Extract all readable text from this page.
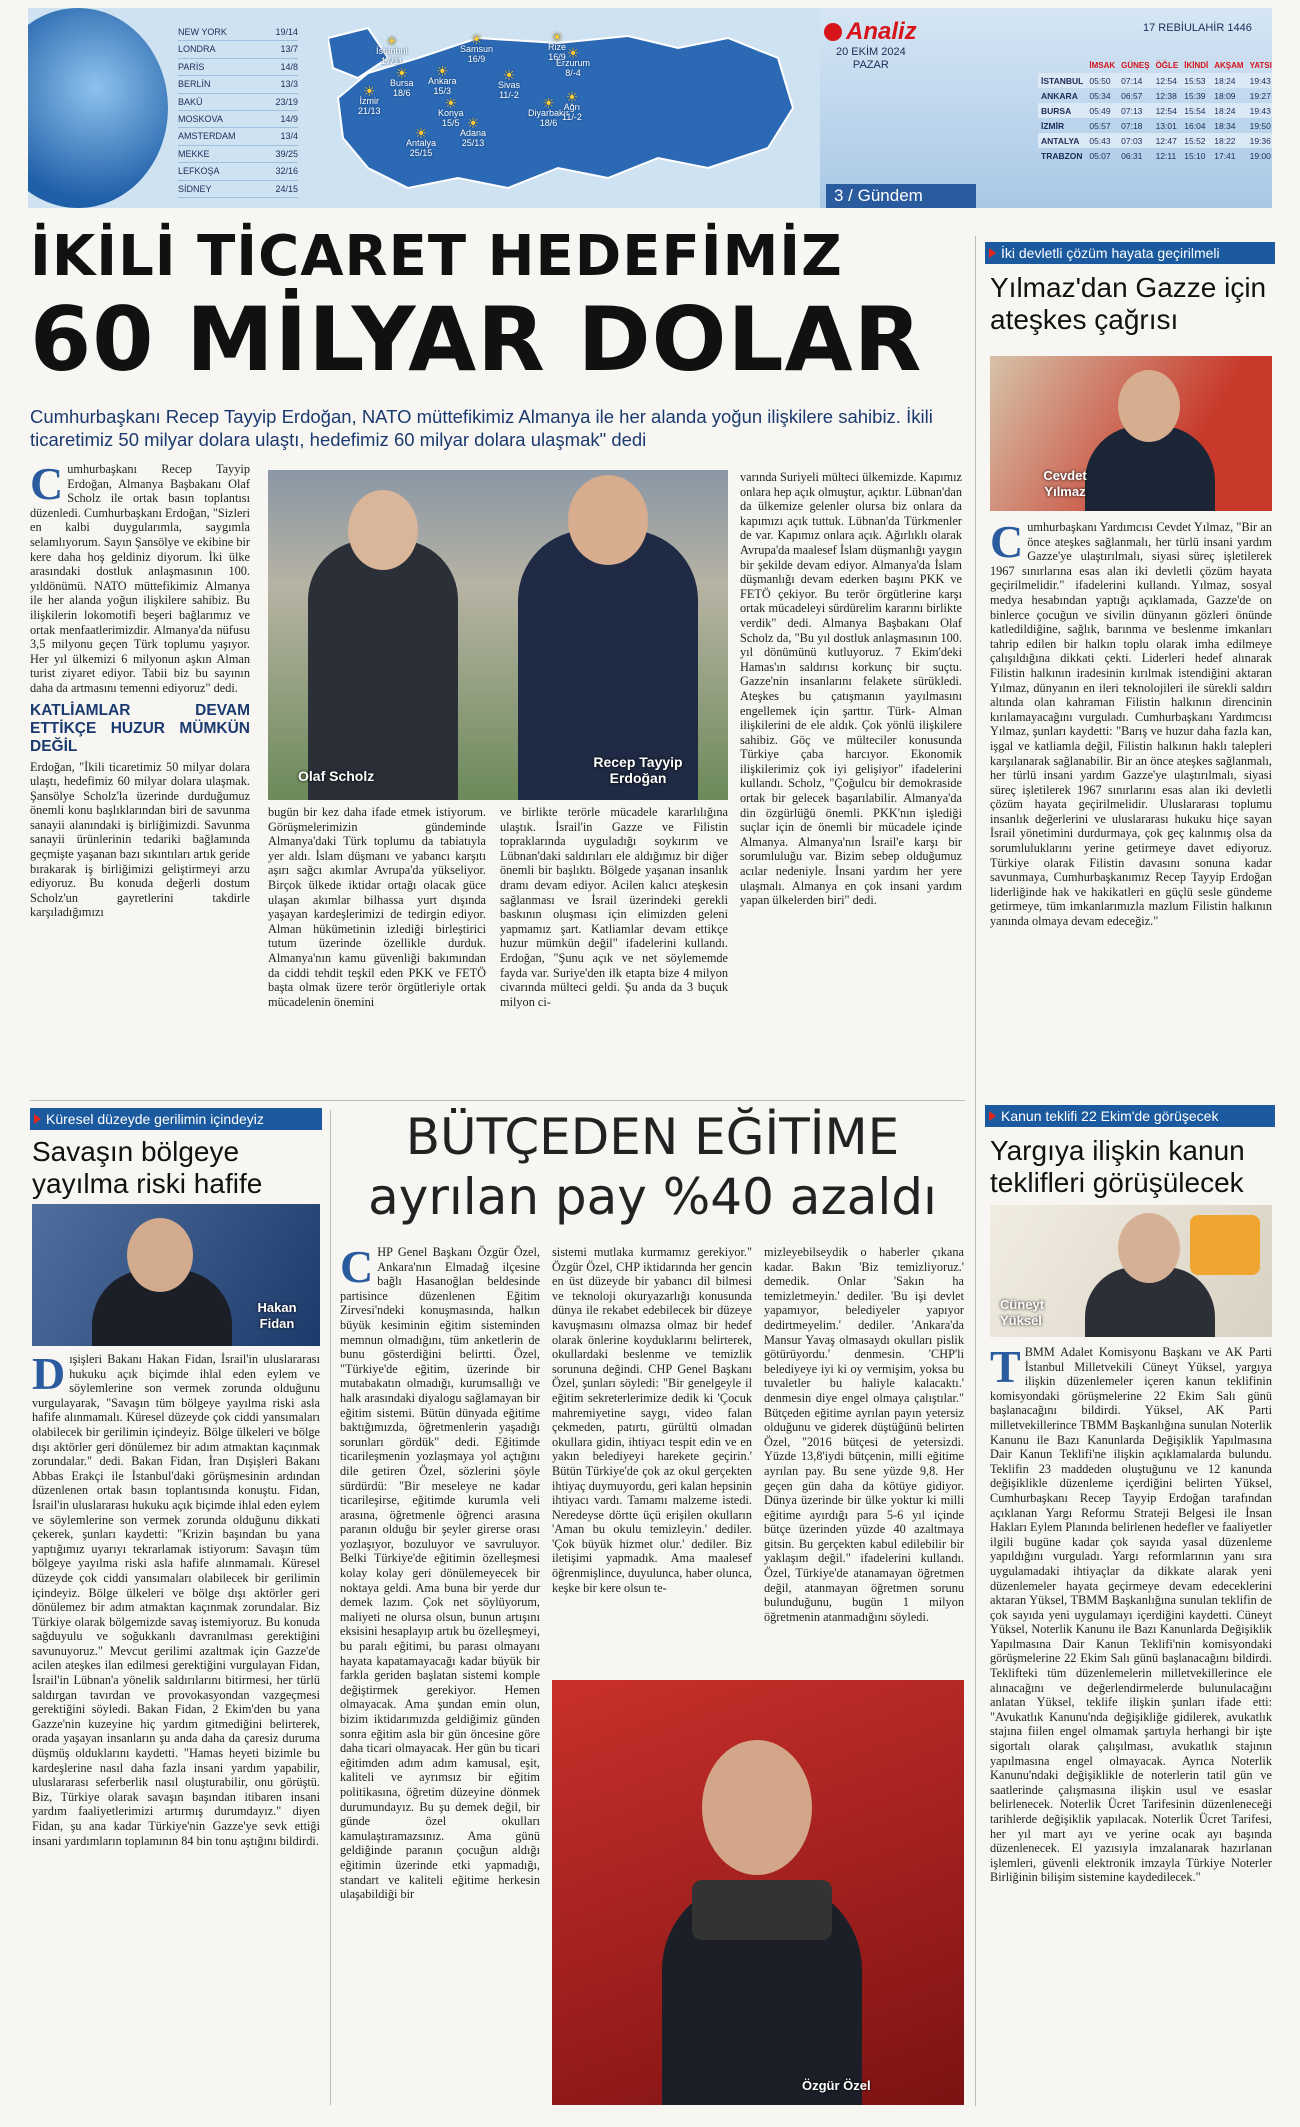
NEW YORK	19/14
LONDRA	13/7
PARİS	14/8
BERLİN	13/3
BAKÜ	23/19
MOSKOVA	14/9
AMSTERDAM	13/4
MEKKE	39/25
LEFKOŞA	32/16
SİDNEY	24/15
☀
İstanbul
17/11
☀
Samsun
16/9
☀
Rize
16/9
☀
Bursa
18/6
☀
Ankara
15/3
☀
Sivas
11/-2
☀
Erzurum
8/-4
☀
İzmir
21/13	☀
Konya
15/5
☀
Diyarbakır
18/6
☀
Ağrı
11/-2
☀
Antalya
25/15
☀
Adana
25/13
Analiz
20 EKİM 2024
PAZAR
3 / Gündem
17 REBİULAHİR 1446
	İMSAK	GÜNEŞ	ÖĞLE	İKİNDİ	AKŞAM	YATSI
İSTANBUL	05:50	07:14	12:54	15:53	18:24	19:43
ANKARA	05:34	06:57	12:38	15:39	18:09	19:27
BURSA	05:49	07:13	12:54	15:54	18:24	19:43
İZMİR	05:57	07:18	13:01	16:04	18:34	19:50
ANTALYA	05:43	07:03	12:47	15:52	18:22	19:36
TRABZON	05:07	06:31	12:11	15:10	17:41	19:00
İKİLİ TİCARET HEDEFİMİZ
60 MİLYAR DOLAR
Cumhurbaşkanı Recep Tayyip Erdoğan, NATO müttefikimiz Almanya ile her alanda yoğun ilişkilere sahibiz. İkili ticaretimiz 50 milyar dolara ulaştı, hedefimiz 60 milyar dolara ulaşmak" dedi
C umhurbaşkanı Recep Tayyip Erdoğan, Almanya Başbakanı Olaf Scholz ile ortak basın toplantısı düzenledi. Cumhurbaşkanı Erdoğan, "Sizleri en kalbi duygularımla, saygımla selamlıyorum. Sayın Şansölye ve ekibine bir kere daha hoş geldiniz diyorum. İki ülke arasındaki dostluk anlaşmasının 100. yıldönümü. NATO müttefikimiz Almanya ile her alanda yoğun ilişkilere sahibiz. Bu ilişkilerin lokomotifi beşeri bağlarımız ve ortak menfaatlerimizdir. Almanya'da nüfusu 3,5 milyonu geçen Türk toplumu yaşıyor. Her yıl ülkemizi 6 milyonun aşkın Alman turist ziyaret ediyor. Tabii biz bu sayının daha da artmasını temenni ediyoruz" dedi.

KATLİAMLAR DEVAM ETTİKÇE HUZUR MÜMKÜN DEĞİL

Erdoğan, "İkili ticaretimiz 50 milyar dolara ulaştı, hedefimiz 60 milyar dolara ulaşmak. Şansölye Scholz'la üzerinde durduğumuz önemli konu başlıklarından biri de savunma sanayii alanındaki iş birliğimizdi. Savunma sanayii ürünlerinin tedariki bağlamında geçmişte yaşanan bazı sıkıntıları artık geride bırakarak iş birliğimizi geliştirmeyi arzu ediyoruz. Bu konuda değerli dostum Scholz'un gayretlerini takdirle karşıladığımızı

Olaf Scholz
Recep Tayyip Erdoğan
bugün bir kez daha ifade etmek istiyorum. Görüşmelerimizin gündeminde Almanya'daki Türk toplumu da tabiatıyla yer aldı. İslam düşmanı ve yabancı karşıtı aşırı sağcı akımlar Avrupa'da yükseliyor. Birçok ülkede iktidar ortağı olacak güce ulaşan akımlar bilhassa yurt dışında yaşayan kardeşlerimizi de tedirgin ediyor. Alman hükümetinin izlediği birleştirici tutum üzerinde özellikle durduk. Almanya'nın kamu güvenliği bakımından da ciddi tehdit teşkil eden PKK ve FETÖ başta olmak üzere terör örgütleriyle ortak mücadelenin önemini
ve birlikte terörle mücadele kararlılığına ulaştık. İsrail'in Gazze ve Filistin topraklarında uyguladığı soykırım ve Lübnan'daki saldırıları ele aldığımız bir diğer önemli bir başlıktı. Bölgede yaşanan insanlık dramı devam ediyor. Acilen kalıcı ateşkesin sağlanması ve İsrail üzerindeki gerekli baskının oluşması için elimizden geleni yapmamız şart. Katliamlar devam ettikçe huzur mümkün değil" ifadelerini kullandı. Erdoğan, "Şunu açık ve net söylememde fayda var. Suriye'den ilk etapta bize 4 milyon civarında mülteci geldi. Şu anda da 3 buçuk milyon ci-
varında Suriyeli mülteci ülkemizde. Kapımız onlara hep açık olmuştur, açıktır. Lübnan'dan da ülkemize gelenler olursa biz onlara da kapımızı açık tuttuk. Lübnan'da Türkmenler de var. Kapımız onlara açık. Ağırlıklı olarak Avrupa'da maalesef İslam düşmanlığı yaygın bir şekilde devam ediyor. Almanya'da İslam düşmanlığı devam ederken başını PKK ve FETÖ çekiyor. Bu terör örgütlerine karşı ortak mücadeleyi sürdürelim kararını birlikte verdik" dedi. Almanya Başbakanı Olaf Scholz da, "Bu yıl dostluk anlaşmasının 100. yıl dönümünü kutluyoruz. 7 Ekim'deki Hamas'ın saldırısı korkunç bir suçtu. Gazze'nin insanlarını felakete sürükledi. Ateşkes bu çatışmanın yayılmasını engellemek için şarttır. Türk- Alman ilişkilerini de ele aldık. Çok yönlü ilişkilere sahibiz. Göç ve mülteciler konusunda Türkiye çaba harcıyor. Ekonomik ilişkilerimiz çok iyi gelişiyor" ifadelerini kullandı. Scholz, "Çoğulcu bir demokraside ortak bir gelecek başarılabilir. Almanya'da din özgürlüğü önemli. PKK'nın işlediği suçlar için de önemli bir mücadele içinde Almanya. Almanya'nın İsrail'e karşı bir sorumluluğu var. Bizim sebep olduğumuz acılar nedeniyle. İnsani yardım her yere ulaşmalı. Almanya en çok insani yardım yapan ülkelerden biri" dedi.
İki devletli çözüm hayata geçirilmeli
Yılmaz'dan Gazze için ateşkes çağrısı
Cevdet Yılmaz
Cumhurbaşkanı Yardımcısı Cevdet Yılmaz, "Bir an önce ateşkes sağlanmalı, her türlü insani yardım Gazze'ye ulaştırılmalı, siyasi süreç işletilerek 1967 sınırlarına esas alan iki devletli çözüm hayata geçirilmelidir." ifadelerini kullandı. Yılmaz, sosyal medya hesabından yaptığı açıklamada, Gazze'de on binlerce çocuğun ve sivilin dünyanın gözleri önünde katledildiğine, sağlık, barınma ve beslenme imkanları tahrip edilen bir halkın toplu olarak imha edilmeye çalışıldığına dikkati çekti. Liderleri hedef alınarak Filistin halkının iradesinin kırılmak istendiğini aktaran Yılmaz, dünyanın en ileri teknolojileri ile sürekli saldırı altında olan kahraman Filistin halkının direncinin kırılamayacağını vurguladı. Cumhurbaşkanı Yardımcısı Yılmaz, şunları kaydetti: "Barış ve huzur daha fazla kan, işgal ve katliamla değil, Filistin halkının haklı talepleri karşılanarak sağlanabilir. Bir an önce ateşkes sağlanmalı, her türlü insani yardım Gazze'ye ulaştırılmalı, siyasi süreç işletilerek 1967 sınırlarını esas alan iki devletli çözüm hayata geçirilmelidir. Uluslararası toplumu insanlık değerlerini ve uluslararası hukuku hiçe sayan İsrail yönetimini durdurmaya, çok geç kalınmış olsa da sorumluluklarını yerine getirmeye davet ediyoruz. Türkiye olarak Filistin davasını sonuna kadar savunmaya, Cumhurbaşkanımız Recep Tayyip Erdoğan liderliğinde hak ve hakikatleri en güçlü sesle gündeme getirmeye, tüm imkanlarımızla mazlum Filistin halkının yanında olmaya devam edeceğiz."
Kanun teklifi 22 Ekim'de görüşecek
Yargıya ilişkin kanun teklifleri görüşülecek
Cüneyt Yüksel
TBMM Adalet Komisyonu Başkanı ve AK Parti İstanbul Milletvekili Cüneyt Yüksel, yargıya ilişkin düzenlemeler içeren kanun teklifinin komisyondaki görüşmelerine 22 Ekim Salı günü başlanacağını bildirdi. Yüksel, AK Parti milletvekillerince TBMM Başkanlığına sunulan Noterlik Kanunu ile Bazı Kanunlarda Değişiklik Yapılmasına Dair Kanun Teklifi'ne ilişkin açıklamalarda bulundu. Teklifin 23 maddeden oluştuğunu ve 12 kanunda değişiklikle düzenleme içerdiğini belirten Yüksel, Cumhurbaşkanı Recep Tayyip Erdoğan tarafından açıklanan Yargı Reformu Strateji Belgesi ile İnsan Hakları Eylem Planında belirlenen hedefler ve faaliyetler ilgili bugüne kadar çok sayıda yasal düzenleme yapıldığını vurguladı. Yargı reformlarının yanı sıra uygulamadaki ihtiyaçlar da dikkate alarak yeni düzenlemeler hayata geçirmeye devam edeceklerini aktaran Yüksel, TBMM Başkanlığına sunulan teklifin de çok sayıda yeni uygulamayı içerdiğini kaydetti. Cüneyt Yüksel, Noterlik Kanunu ile Bazı Kanunlarda Değişiklik Yapılmasına Dair Kanun Teklifi'nin komisyondaki görüşmelerine 22 Ekim Salı günü başlanacağını bildirdi. Teklifteki tüm düzenlemelerin milletvekillerince ele alınacağını ve değerlendirmelerde bulunulacağını anlatan Yüksel, teklife ilişkin şunları ifade etti: "Avukatlık Kanunu'nda değişikliğe gidilerek, avukatlık stajına fiilen engel olmamak şartıyla herhangi bir işte sigortalı olarak çalışılması, avukatlık stajının yapılmasına engel olmayacak. Ayrıca Noterlik Kanunu'ndaki değişiklikle de noterlerin tatil gün ve saatlerinde çalışmasına ilişkin usul ve esaslar belirlenecek. Noterlik Ücret Tarifesinin düzenleneceği tarihlerde değişiklik yapılacak. Noterlik Ücret Tarifesi, her yıl mart ayı ve yerine ocak ayı başında düzenlenecek. El yazısıyla imzalanarak hazırlanan işlemleri, güvenli elektronik imzayla Türkiye Noterler Birliğinin bilişim sistemine kaydedilecek."
Küresel düzeyde gerilimin içindeyiz
Savaşın bölgeye yayılma riski hafife
Hakan Fidan
Dışişleri Bakanı Hakan Fidan, İsrail'in uluslararası hukuku açık biçimde ihlal eden eylem ve söylemlerine son vermek zorunda olduğunu vurgulayarak, "Savaşın tüm bölgeye yayılma riski asla hafife alınmamalı. Küresel düzeyde çok ciddi yansımaları olabilecek bir gerilimin içindeyiz. Bölge ülkeleri ve bölge dışı aktörler geri dönülemez bir adım atmaktan kaçınmak zorundalar." dedi. Bakan Fidan, İran Dışişleri Bakanı Abbas Erakçi ile İstanbul'daki görüşmesinin ardından düzenlenen ortak basın toplantısında konuştu. Fidan, İsrail'in uluslararası hukuku açık biçimde ihlal eden eylem ve söylemlerine son vermek zorunda olduğunu dikkati çekerek, şunları kaydetti: "Krizin başından bu yana yaptığımız uyarıyı tekrarlamak istiyorum: Savaşın tüm bölgeye yayılma riski asla hafife alınmamalı. Küresel düzeyde çok ciddi yansımaları olabilecek bir gerilimin içindeyiz. Bölge ülkeleri ve bölge dışı aktörler geri dönülemez bir adım atmaktan kaçınmak zorundalar. Biz Türkiye olarak bölgemizde savaş istemiyoruz. Bu konuda sağduyulu ve soğukkanlı davranılması gerektiğini savunuyoruz." Mevcut gerilimi azaltmak için Gazze'de acilen ateşkes ilan edilmesi gerektiğini vurgulayan Fidan, İsrail'in Lübnan'a yönelik saldırılarını bitirmesi, her türlü saldırgan tavırdan ve provokasyondan vazgeçmesi gerektiğini söyledi. Bakan Fidan, 2 Ekim'den bu yana Gazze'nin kuzeyine hiç yardım gitmediğini belirterek, orada yaşayan insanların şu anda daha da çaresiz duruma düşmüş olduklarını kaydetti. "Hamas heyeti bizimle bu kardeşlerine nasıl daha fazla insani yardım yapabilir, uluslararası seferberlik nasıl oluşturabilir, onu görüştü. Biz, Türkiye olarak savaşın başından itibaren insani yardım faaliyetlerimizi artırmış durumdayız." diyen Fidan, şu ana kadar Türkiye'nin Gazze'ye sevk ettiği insani yardımların toplamının 84 bin tonu aştığını bildirdi.
BÜTÇEDEN EĞİTİME
ayrılan pay %40 azaldı
CHP Genel Başkanı Özgür Özel, Ankara'nın Elmadağ ilçesine bağlı Hasanoğlan beldesinde partisince düzenlenen Eğitim Zirvesi'ndeki konuşmasında, halkın büyük kesiminin eğitim sisteminden memnun olmadığını, tüm anketlerin de bunu gösterdiğini belirtti. Özel, "Türkiye'de eğitim, üzerinde bir mutabakatın olmadığı, kurumsallığı ve halk arasındaki diyalogu sağlamayan bir eğitim sistemi. Bütün dünyada eğitime baktığımızda, öğretmenlerin yaşadığı sorunları gördük" dedi. Eğitimde ticarileşmenin yozlaşmaya yol açtığını dile getiren Özel, sözlerini şöyle sürdürdü: "Bir meseleye ne kadar ticarileşirse, eğitimde kurumla veli arasına, öğretmenle öğrenci arasına paranın olduğu bir şeyler girerse orası yozlaşıyor, bozuluyor ve savruluyor. Belki Türkiye'de eğitimin özelleşmesi kolay kolay geri dönülemeyecek bir noktaya geldi. Ama buna bir yerde dur demek lazım. Çok net söylüyorum, maliyeti ne olursa olsun, bunun artışını eksisini hesaplayıp artık bu özelleşmeyi, bu paralı eğitimi, bu parası olmayanı hayata kapatamayacağı kadar büyük bir farkla geriden başlatan sistemi komple değiştirmek gerekiyor. Hemen olmayacak. Ama şundan emin olun, bizim iktidarımızda geldiğimiz günden sonra eğitim asla bir gün öncesine göre daha ticari olmayacak. Her gün bu ticari eğitimden adım adım kamusal, eşit, kaliteli ve ayrımsız bir eğitim politikasına, öğretim düzeyine dönmek durumundayız. Bu şu demek değil, bir günde özel okulları kamulaştıramazsınız. Ama günü geldiğinde paranın çocuğun aldığı eğitimin üzerinde etki yapmadığı, standart ve kaliteli eğitime herkesin ulaşabildiği bir
sistemi mutlaka kurmamız gerekiyor." Özgür Özel, CHP iktidarında her gencin en üst düzeyde bir yabancı dil bilmesi ve teknoloji okuryazarlığı konusunda dünya ile rekabet edebilecek bir düzeye kavuşmasını olmazsa olmaz bir hedef olarak önlerine koyduklarını belirterek, okullardaki beslenme ve temizlik sorununa değindi. CHP Genel Başkanı Özel, şunları söyledi: "Bir genelgeyle il eğitim sekreterlerimize dedik ki 'Çocuk mahremiyetine saygı, video falan çekmeden, patırtı, gürültü olmadan okullara gidin, ihtiyacı tespit edin ve en yakın belediyeyi harekete geçirin.' Bütün Türkiye'de çok az okul gerçekten ihtiyaç duymuyordu, geri kalan hepsinin ihtiyacı vardı. Tamamı malzeme istedi. Neredeyse dörtte üçü erişilen okulların 'Aman bu okulu temizleyin.' dediler. 'Çok büyük hizmet olur.' dediler. Biz iletişimi yapmadık. Ama maalesef öğrenmişlince, duyulunca, haber olunca, keşke bir kere olsun te-
mizleyebilseydik o haberler çıkana kadar. Bakın 'Biz temizliyoruz.' demedik. Onlar 'Sakın ha temizletmeyin.' dediler. 'Bu işi devlet yapamıyor, belediyeler yapıyor dedirtmeyelim.' dediler. 'Ankara'da Mansur Yavaş olmasaydı okulları pislik götürüyordu.' denmesin. 'CHP'li belediyeye iyi ki oy vermişim, yoksa bu tuvaletler bu haliyle kalacaktı.' denmesin diye engel olmaya çalıştılar." Bütçeden eğitime ayrılan payın yetersiz olduğunu ve giderek düştüğünü belirten Özel, "2016 bütçesi de yetersizdi. Yüzde 13,8'iydi bütçenin, milli eğitime ayrılan pay. Bu sene yüzde 9,8. Her geçen gün daha da kötüye gidiyor. Dünya üzerinde bir ülke yoktur ki milli eğitime ayırdığı para 5-6 yıl içinde bütçe üzerinden yüzde 40 azaltmaya gitsin. Bu gerçekten kabul edilebilir bir yaklaşım değil." ifadelerini kullandı. Özel, Türkiye'de atanamayan öğretmen değil, atanmayan öğretmen sorunu bulunduğunu, bugün 1 milyon öğretmenin atanmadığını söyledi.
Özgür Özel
